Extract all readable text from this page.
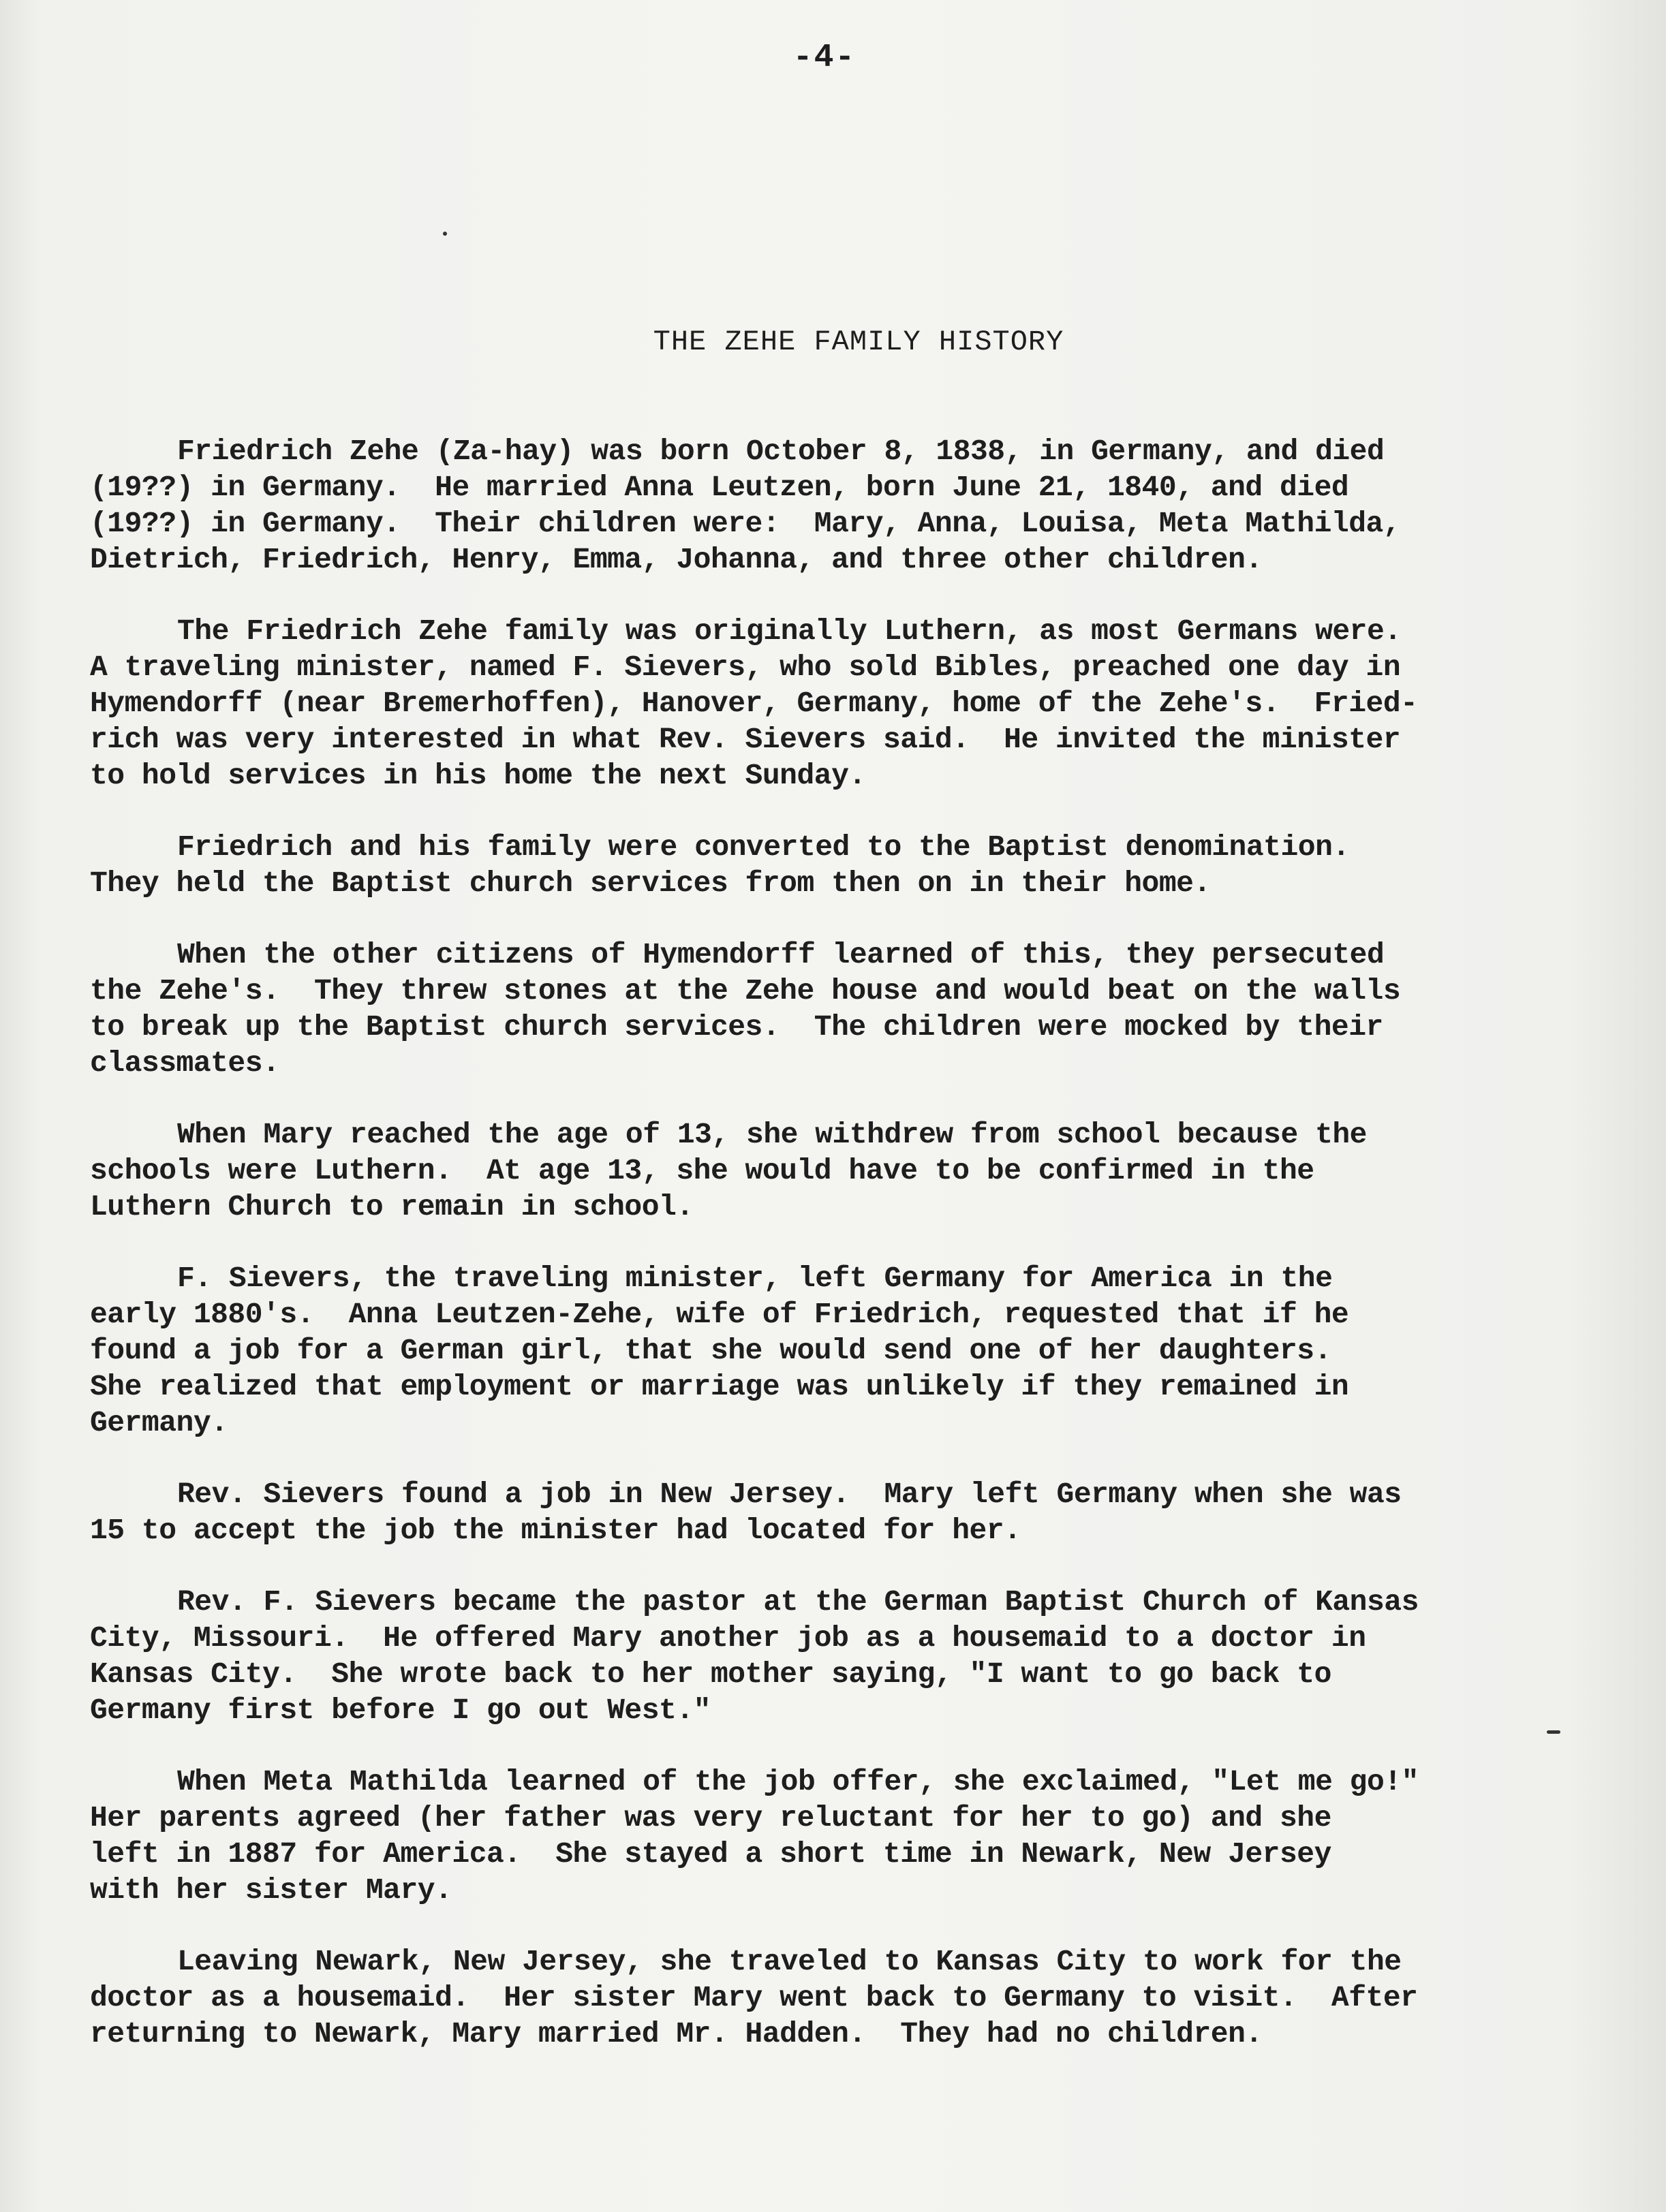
-4-
THE ZEHE FAMILY HISTORY
Friedrich Zehe (Za-hay) was born October 8, 1838, in Germany, and died
(19??) in Germany.  He married Anna Leutzen, born June 21, 1840, and died
(19??) in Germany.  Their children were:  Mary, Anna, Louisa, Meta Mathilda,
Dietrich, Friedrich, Henry, Emma, Johanna, and three other children.
The Friedrich Zehe family was originally Luthern, as most Germans were.
A traveling minister, named F. Sievers, who sold Bibles, preached one day in
Hymendorff (near Bremerhoffen), Hanover, Germany, home of the Zehe's.  Fried-
rich was very interested in what Rev. Sievers said.  He invited the minister
to hold services in his home the next Sunday.
Friedrich and his family were converted to the Baptist denomination.
They held the Baptist church services from then on in their home.
When the other citizens of Hymendorff learned of this, they persecuted
the Zehe's.  They threw stones at the Zehe house and would beat on the walls
to break up the Baptist church services.  The children were mocked by their
classmates.
When Mary reached the age of 13, she withdrew from school because the
schools were Luthern.  At age 13, she would have to be confirmed in the
Luthern Church to remain in school.
F. Sievers, the traveling minister, left Germany for America in the
early 1880's.  Anna Leutzen-Zehe, wife of Friedrich, requested that if he
found a job for a German girl, that she would send one of her daughters.
She realized that employment or marriage was unlikely if they remained in
Germany.
Rev. Sievers found a job in New Jersey.  Mary left Germany when she was
15 to accept the job the minister had located for her.
Rev. F. Sievers became the pastor at the German Baptist Church of Kansas
City, Missouri.  He offered Mary another job as a housemaid to a doctor in
Kansas City.  She wrote back to her mother saying, "I want to go back to
Germany first before I go out West."
When Meta Mathilda learned of the job offer, she exclaimed, "Let me go!"
Her parents agreed (her father was very reluctant for her to go) and she
left in 1887 for America.  She stayed a short time in Newark, New Jersey
with her sister Mary.
Leaving Newark, New Jersey, she traveled to Kansas City to work for the
doctor as a housemaid.  Her sister Mary went back to Germany to visit.  After
returning to Newark, Mary married Mr. Hadden.  They had no children.
